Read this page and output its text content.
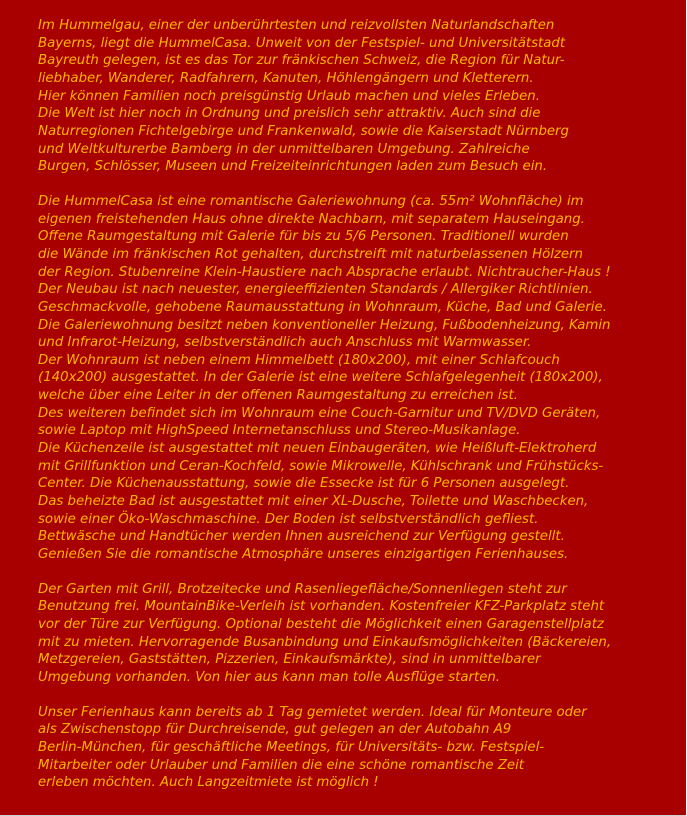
Im Hummelgau, einer der unberührtesten und reizvollsten Naturlandschaften
Bayerns, liegt die HummelCasa. Unweit von der Festspiel- und Universitätstadt
Bayreuth gelegen, ist es das Tor zur fränkischen Schweiz, die Region für Natur-
liebhaber, Wanderer, Radfahrern, Kanuten, Höhlengängern und Kletterern.
Hier können Familien noch preisgünstig Urlaub machen und vieles Erleben.
Die Welt ist hier noch in Ordnung und preislich sehr attraktiv. Auch sind die
Naturregionen Fichtelgebirge und Frankenwald, sowie die Kaiserstadt Nürnberg
und Weltkulturerbe Bamberg in der unmittelbaren Umgebung. Zahlreiche
Burgen, Schlösser, Museen und Freizeiteinrichtungen laden zum Besuch ein.
Die HummelCasa ist eine romantische Galeriewohnung (ca. 55m² Wohnfläche) im
eigenen freistehenden Haus ohne direkte Nachbarn, mit separatem Hauseingang.
Offene Raumgestaltung mit Galerie für bis zu 5/6 Personen. Traditionell wurden
die Wände im fränkischen Rot gehalten, durchstreift mit naturbelassenen Hölzern
der Region. Stubenreine Klein-Haustiere nach Absprache erlaubt. Nichtraucher-Haus !
Der Neubau ist nach neuester, energieeffizienten Standards / Allergiker Richtlinien.
Geschmackvolle, gehobene Raumausstattung in Wohnraum, Küche, Bad und Galerie.
Die Galeriewohnung besitzt neben konventioneller Heizung, Fußbodenheizung, Kamin
und Infrarot-Heizung, selbstverständlich auch Anschluss mit Warmwasser.
Der Wohnraum ist neben einem Himmelbett (180x200), mit einer Schlafcouch
(140x200) ausgestattet. In der Galerie ist eine weitere Schlafgelegenheit (180x200),
welche über eine Leiter in der offenen Raumgestaltung zu erreichen ist.
Des weiteren befindet sich im Wohnraum eine Couch-Garnitur und TV/DVD Geräten,
sowie Laptop mit HighSpeed Internetanschluss und Stereo-Musikanlage.
Die Küchenzeile ist ausgestattet mit neuen Einbaugeräten, wie Heißluft-Elektroherd
mit Grillfunktion und Ceran-Kochfeld, sowie Mikrowelle, Kühlschrank und Frühstücks-
Center. Die Küchenausstattung, sowie die Essecke ist für 6 Personen ausgelegt.
Das beheizte Bad ist ausgestattet mit einer XL-Dusche, Toilette und Waschbecken,
sowie einer Öko-Waschmaschine. Der Boden ist selbstverständlich gefliest.
Bettwäsche und Handtücher werden Ihnen ausreichend zur Verfügung gestellt.
Genießen Sie die romantische Atmosphäre unseres einzigartigen Ferienhauses.
Der Garten mit Grill, Brotzeitecke und Rasenliegefläche/Sonnenliegen steht zur
Benutzung frei. MountainBike-Verleih ist vorhanden. Kostenfreier KFZ-Parkplatz steht
vor der Türe zur Verfügung. Optional besteht die Möglichkeit einen Garagenstellplatz
mit zu mieten. Hervorragende Busanbindung und Einkaufsmöglichkeiten (Bäckereien,
Metzgereien, Gaststätten, Pizzerien, Einkaufsmärkte), sind in unmittelbarer
Umgebung vorhanden. Von hier aus kann man tolle Ausflüge starten.
Unser Ferienhaus kann bereits ab 1 Tag gemietet werden. Ideal für Monteure oder
als Zwischenstopp für Durchreisende, gut gelegen an der Autobahn A9
Berlin-München, für geschäftliche Meetings, für Universitäts- bzw. Festspiel-
Mitarbeiter oder Urlauber und Familien die eine schöne romantische Zeit
erleben möchten. Auch Langzeitmiete ist möglich !
